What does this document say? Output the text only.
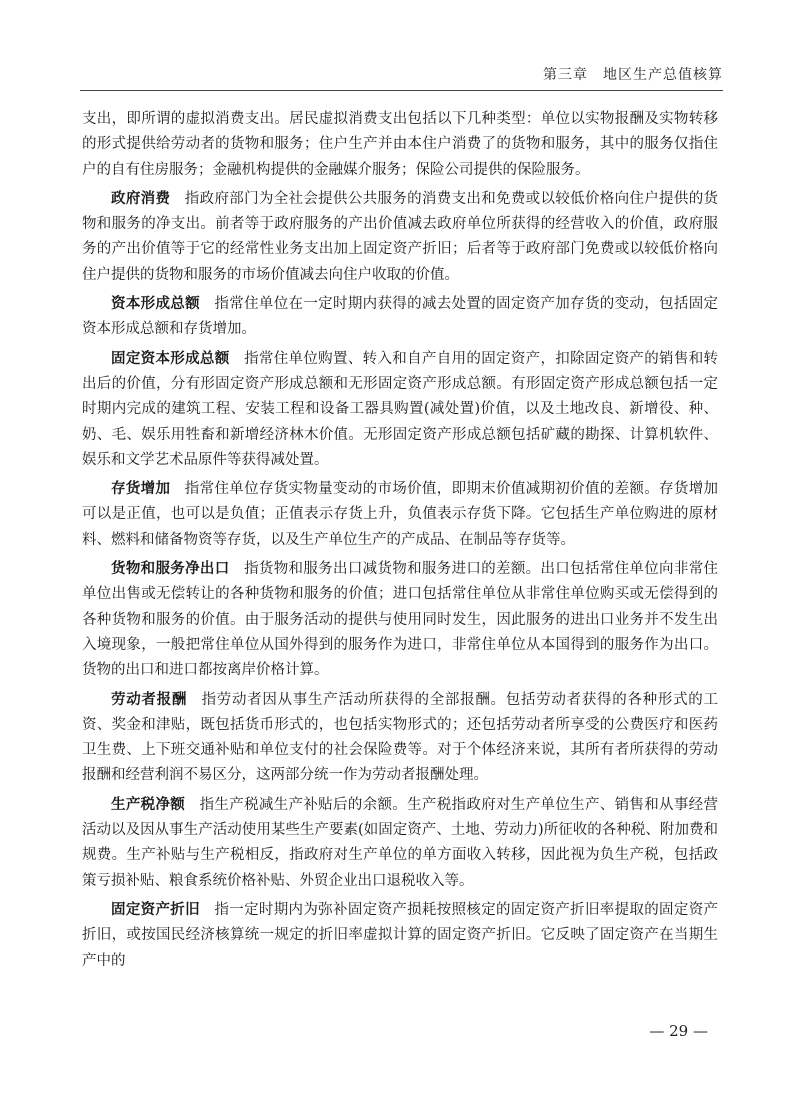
第三章　地区生产总值核算

支出，即所谓的虚拟消费支出。居民虚拟消费支出包括以下几种类型：单位以实物报酬及实物转移的形式提供给劳动者的货物和服务；住户生产并由本住户消费了的货物和服务，其中的服务仅指住户的自有住房服务；金融机构提供的金融媒介服务；保险公司提供的保险服务。

政府消费 指政府部门为全社会提供公共服务的消费支出和免费或以较低价格向住户提供的货物和服务的净支出。前者等于政府服务的产出价值减去政府单位所获得的经营收入的价值，政府服务的产出价值等于它的经常性业务支出加上固定资产折旧；后者等于政府部门免费或以较低价格向住户提供的货物和服务的市场价值减去向住户收取的价值。

资本形成总额 指常住单位在一定时期内获得的减去处置的固定资产加存货的变动，包括固定资本形成总额和存货增加。

固定资本形成总额 指常住单位购置、转入和自产自用的固定资产，扣除固定资产的销售和转出后的价值，分有形固定资产形成总额和无形固定资产形成总额。有形固定资产形成总额包括一定时期内完成的建筑工程、安装工程和设备工器具购置(减处置)价值，以及土地改良、新增役、种、奶、毛、娱乐用牲畜和新增经济林木价值。无形固定资产形成总额包括矿藏的勘探、计算机软件、娱乐和文学艺术品原件等获得减处置。

存货增加 指常住单位存货实物量变动的市场价值，即期末价值减期初价值的差额。存货增加可以是正值，也可以是负值；正值表示存货上升，负值表示存货下降。它包括生产单位购进的原材料、燃料和储备物资等存货，以及生产单位生产的产成品、在制品等存货等。

货物和服务净出口 指货物和服务出口减货物和服务进口的差额。出口包括常住单位向非常住单位出售或无偿转让的各种货物和服务的价值；进口包括常住单位从非常住单位购买或无偿得到的各种货物和服务的价值。由于服务活动的提供与使用同时发生，因此服务的进出口业务并不发生出入境现象，一般把常住单位从国外得到的服务作为进口，非常住单位从本国得到的服务作为出口。货物的出口和进口都按离岸价格计算。

劳动者报酬 指劳动者因从事生产活动所获得的全部报酬。包括劳动者获得的各种形式的工资、奖金和津贴，既包括货币形式的，也包括实物形式的；还包括劳动者所享受的公费医疗和医药卫生费、上下班交通补贴和单位支付的社会保险费等。对于个体经济来说，其所有者所获得的劳动报酬和经营利润不易区分，这两部分统一作为劳动者报酬处理。

生产税净额 指生产税减生产补贴后的余额。生产税指政府对生产单位生产、销售和从事经营活动以及因从事生产活动使用某些生产要素(如固定资产、土地、劳动力)所征收的各种税、附加费和规费。生产补贴与生产税相反，指政府对生产单位的单方面收入转移，因此视为负生产税，包括政策亏损补贴、粮食系统价格补贴、外贸企业出口退税收入等。

固定资产折旧 指一定时期内为弥补固定资产损耗按照核定的固定资产折旧率提取的固定资产折旧，或按国民经济核算统一规定的折旧率虚拟计算的固定资产折旧。它反映了固定资产在当期生产中的

— 29 —
